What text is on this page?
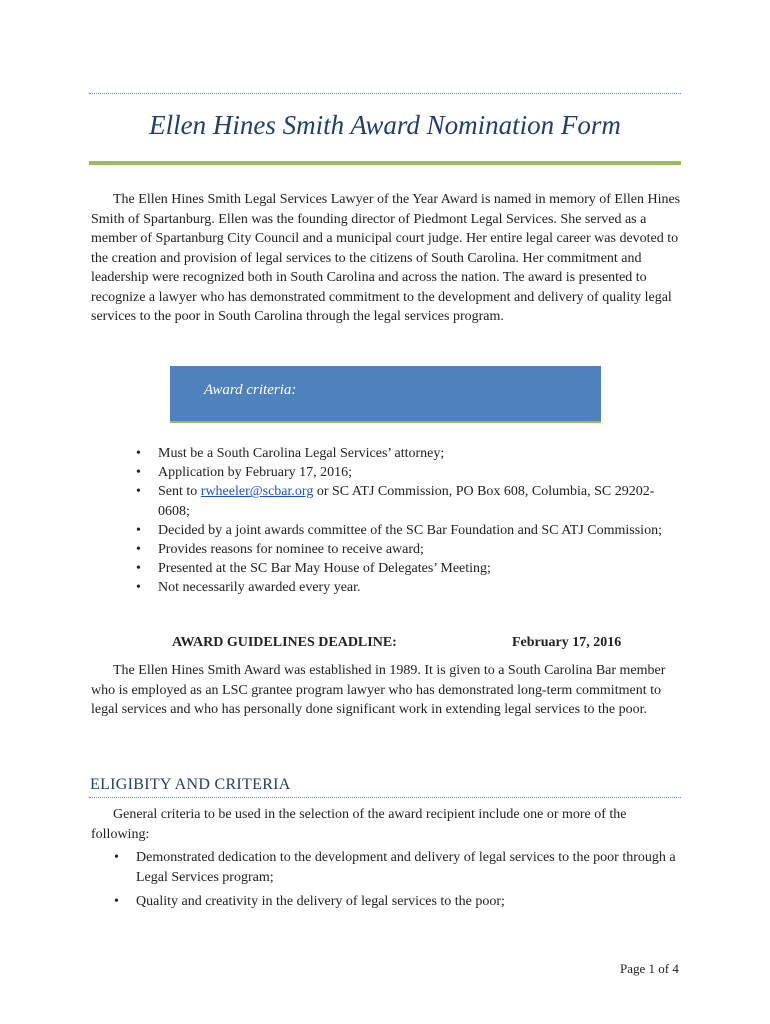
Ellen Hines Smith Award Nomination Form

The Ellen Hines Smith Legal Services Lawyer of the Year Award is named in memory of Ellen Hines Smith of Spartanburg. Ellen was the founding director of Piedmont Legal Services. She served as a member of Spartanburg City Council and a municipal court judge. Her entire legal career was devoted to the creation and provision of legal services to the citizens of South Carolina. Her commitment and leadership were recognized both in South Carolina and across the nation. The award is presented to recognize a lawyer who has demonstrated commitment to the development and delivery of quality legal services to the poor in South Carolina through the legal services program.

Award criteria:
• Must be a South Carolina Legal Services’ attorney;
• Application by February 17, 2016;
• Sent to rwheeler@scbar.org or SC ATJ Commission, PO Box 608, Columbia, SC 29202-0608;
• Decided by a joint awards committee of the SC Bar Foundation and SC ATJ Commission;
• Provides reasons for nominee to receive award;
• Presented at the SC Bar May House of Delegates’ Meeting;
• Not necessarily awarded every year.
AWARD GUIDELINES DEADLINE:	February 17, 2016

The Ellen Hines Smith Award was established in 1989. It is given to a South Carolina Bar member who is employed as an LSC grantee program lawyer who has demonstrated long-term commitment to legal services and who has personally done significant work in extending legal services to the poor.

ELIGIBITY AND CRITERIA

General criteria to be used in the selection of the award recipient include one or more of the following:

• Demonstrated dedication to the development and delivery of legal services to the poor through a Legal Services program;
• Quality and creativity in the delivery of legal services to the poor;
Page 1 of 4
